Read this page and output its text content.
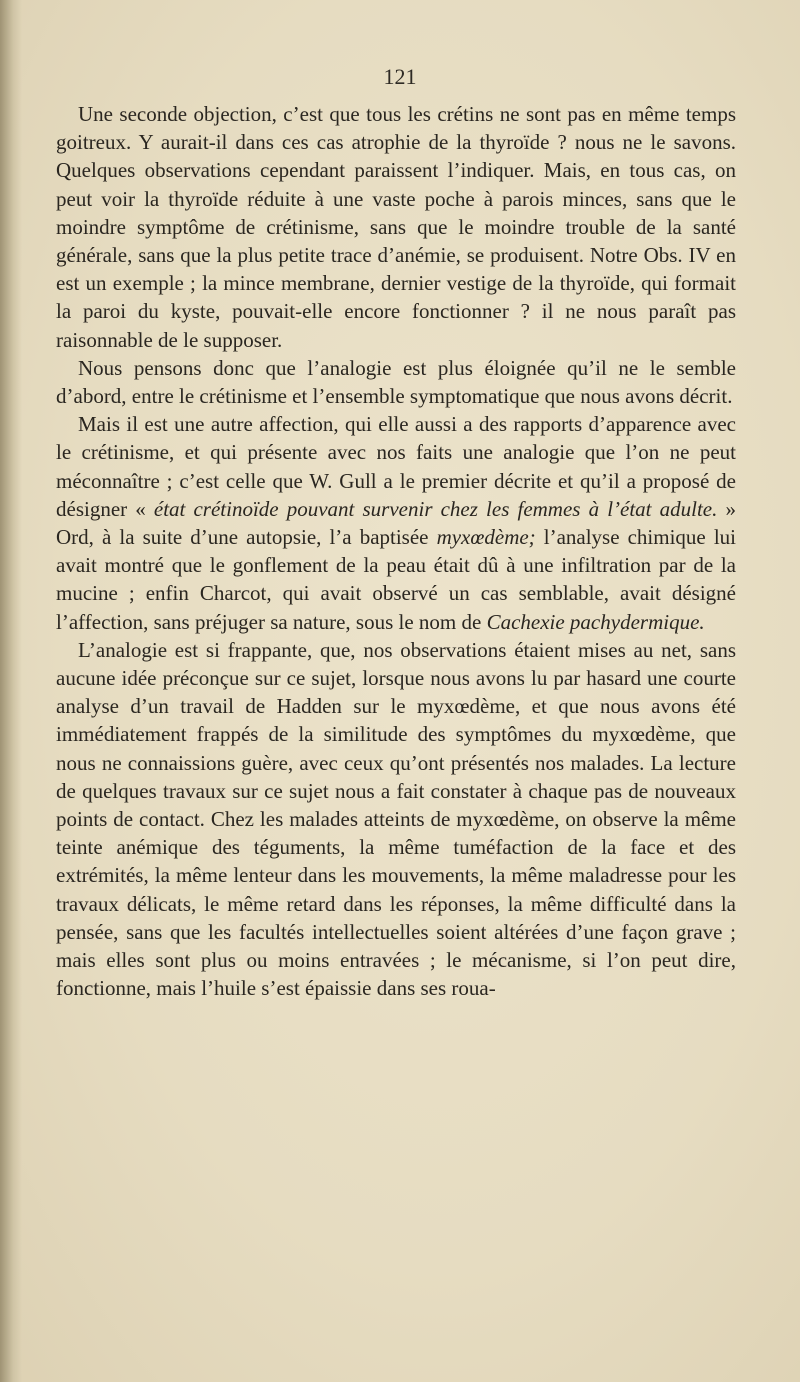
121

Une seconde objection, c’est que tous les crétins ne sont pas en même temps goitreux. Y aurait-il dans ces cas atrophie de la thyroïde ? nous ne le savons. Quelques observations cependant paraissent l’indiquer. Mais, en tous cas, on peut voir la thyroïde réduite à une vaste poche à parois minces, sans que le moindre symptôme de crétinisme, sans que le moindre trouble de la santé générale, sans que la plus petite trace d’anémie, se produisent. Notre Obs. IV en est un exemple ; la mince membrane, dernier vestige de la thyroïde, qui formait la paroi du kyste, pouvait-elle encore fonctionner ? il ne nous paraît pas raisonnable de le supposer.

Nous pensons donc que l’analogie est plus éloignée qu’il ne le semble d’abord, entre le crétinisme et l’ensemble symptomatique que nous avons décrit.

Mais il est une autre affection, qui elle aussi a des rapports d’apparence avec le crétinisme, et qui présente avec nos faits une analogie que l’on ne peut méconnaître ; c’est celle que W. Gull a le premier décrite et qu’il a proposé de désigner « état crétinoïde pouvant survenir chez les femmes à l’état adulte. » Ord, à la suite d’une autopsie, l’a baptisée myxœdème; l’analyse chimique lui avait montré que le gonflement de la peau était dû à une infiltration par de la mucine ; enfin Charcot, qui avait observé un cas semblable, avait désigné l’affection, sans préjuger sa nature, sous le nom de Cachexie pachydermique.

L’analogie est si frappante, que, nos observations étaient mises au net, sans aucune idée préconçue sur ce sujet, lorsque nous avons lu par hasard une courte analyse d’un travail de Hadden sur le myxœdème, et que nous avons été immédiatement frappés de la similitude des symptômes du myxœdème, que nous ne connaissions guère, avec ceux qu’ont présentés nos malades. La lecture de quelques travaux sur ce sujet nous a fait constater à chaque pas de nouveaux points de contact. Chez les malades atteints de myxœdème, on observe la même teinte anémique des téguments, la même tuméfaction de la face et des extrémités, la même lenteur dans les mouvements, la même maladresse pour les travaux délicats, le même retard dans les réponses, la même difficulté dans la pensée, sans que les facultés intellectuelles soient altérées d’une façon grave ; mais elles sont plus ou moins entravées ; le mécanisme, si l’on peut dire, fonctionne, mais l’huile s’est épaissie dans ses roua-
